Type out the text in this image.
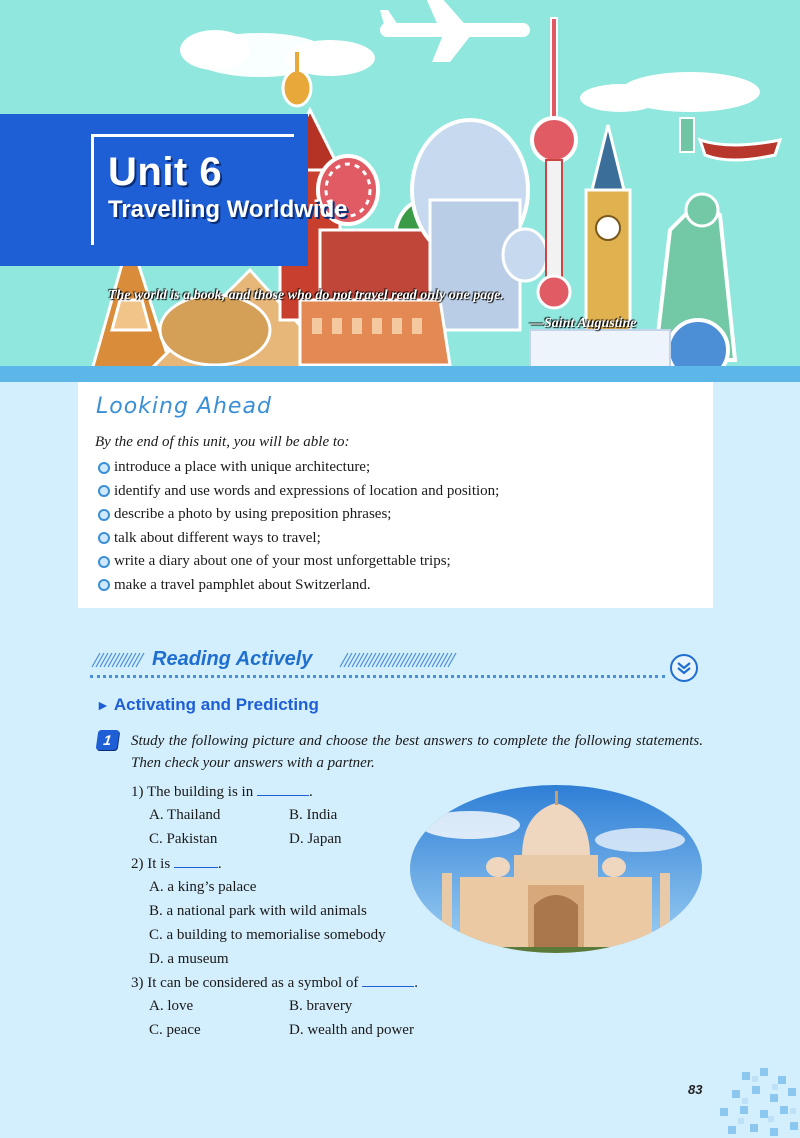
Unit 6
Travelling Worldwide
The world is a book, and those who do not travel read only one page.
—Saint Augustine
Looking Ahead
By the end of this unit, you will be able to:
introduce a place with unique architecture;
identify and use words and expressions of location and position;
describe a photo by using preposition phrases;
talk about different ways to travel;
write a diary about one of your most unforgettable trips;
make a travel pamphlet about Switzerland.
Reading Actively
► Activating and Predicting
1	Study the following picture and choose the best answers to complete the following statements. Then check your answers with a partner.
1) The building is in	.
A. Thailand	B. India
C. Pakistan	D. Japan
2) It is	.
A. a king’s palace
B. a national park with wild animals
C. a building to memorialise somebody
D. a museum
3) It can be considered as a symbol of	.
A. love	B. bravery
C. peace	D. wealth and power
83
